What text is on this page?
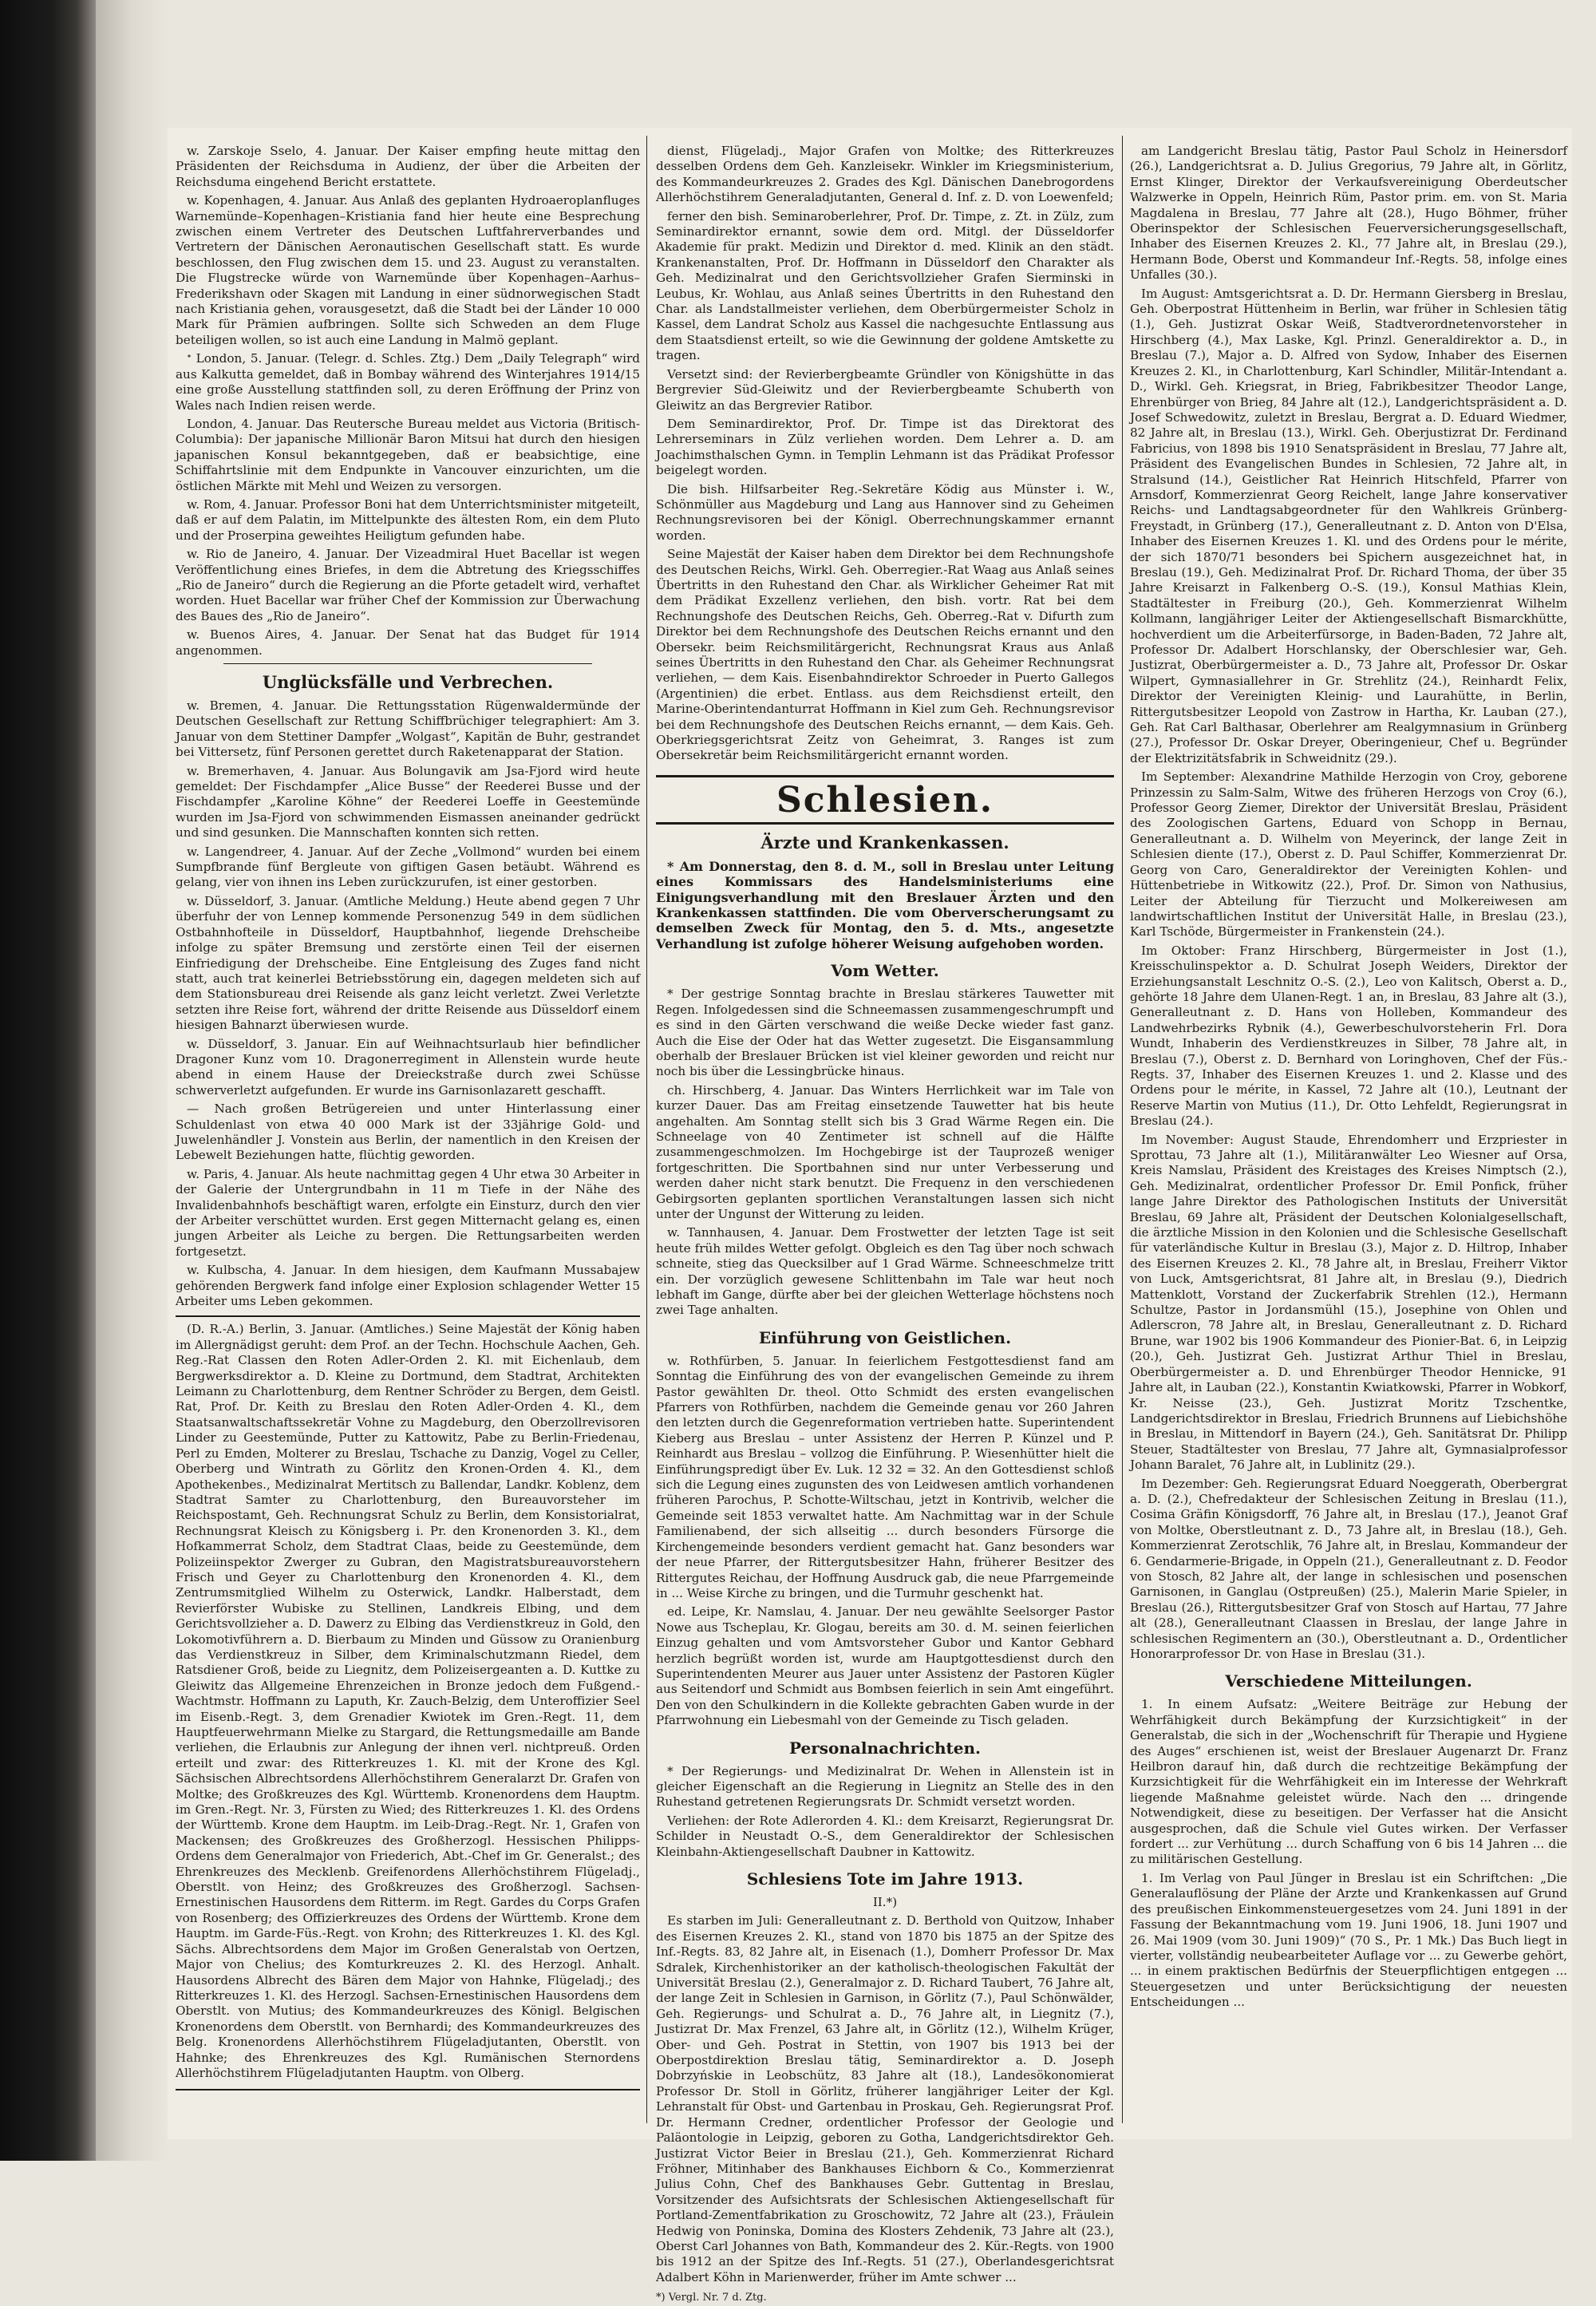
w. Zarskoje Sselo, 4. Januar. Der Kaiser empfing heute mittag den Präsidenten der Reichsduma in Audienz, der über die Arbeiten der Reichsduma eingehend Bericht erstattete.

w. Kopenhagen, 4. Januar. Aus Anlaß des geplanten Hydroaeroplanfluges Warnemünde–Kopenhagen–Kristiania fand hier heute eine Besprechung zwischen einem Vertreter des Deutschen Luftfahrerverbandes und Vertretern der Dänischen Aeronautischen Gesellschaft statt. Es wurde beschlossen, den Flug zwischen dem 15. und 23. August zu veranstalten. Die Flugstrecke würde von Warnemünde über Kopenhagen–Aarhus–Frederikshavn oder Skagen mit Landung in einer südnorwegischen Stadt nach Kristiania gehen, vorausgesetzt, daß die Stadt bei der Länder 10 000 Mark für Prämien aufbringen. Sollte sich Schweden an dem Fluge beteiligen wollen, so ist auch eine Landung in Malmö geplant.

ᐩ London, 5. Januar. (Telegr. d. Schles. Ztg.) Dem „Daily Telegraph“ wird aus Kalkutta gemeldet, daß in Bombay während des Winterjahres 1914/15 eine große Ausstellung stattfinden soll, zu deren Eröffnung der Prinz von Wales nach Indien reisen werde.

London, 4. Januar. Das Reutersche Bureau meldet aus Victoria (Britisch-Columbia): Der japanische Millionär Baron Mitsui hat durch den hiesigen japanischen Konsul bekanntgegeben, daß er beabsichtige, eine Schiffahrtslinie mit dem Endpunkte in Vancouver einzurichten, um die östlichen Märkte mit Mehl und Weizen zu versorgen.

w. Rom, 4. Januar. Professor Boni hat dem Unterrichtsminister mitgeteilt, daß er auf dem Palatin, im Mittelpunkte des ältesten Rom, ein dem Pluto und der Proserpina geweihtes Heiligtum gefunden habe.

w. Rio de Janeiro, 4. Januar. Der Vizeadmiral Huet Bacellar ist wegen Veröffentlichung eines Briefes, in dem die Abtretung des Kriegsschiffes „Rio de Janeiro“ durch die Regierung an die Pforte getadelt wird, verhaftet worden. Huet Bacellar war früher Chef der Kommission zur Überwachung des Baues des „Rio de Janeiro“.

w. Buenos Aires, 4. Januar. Der Senat hat das Budget für 1914 angenommen.

Unglücksfälle und Verbrechen.

w. Bremen, 4. Januar. Die Rettungsstation Rügenwaldermünde der Deutschen Gesellschaft zur Rettung Schiffbrüchiger telegraphiert: Am 3. Januar von dem Stettiner Dampfer „Wolgast“, Kapitän de Buhr, gestrandet bei Vittersetz, fünf Personen gerettet durch Raketenapparat der Station.

w. Bremerhaven, 4. Januar. Aus Bolungavik am Jsa-Fjord wird heute gemeldet: Der Fischdampfer „Alice Busse“ der Reederei Busse und der Fischdampfer „Karoline Köhne“ der Reederei Loeffe in Geestemünde wurden im Jsa-Fjord von schwimmenden Eismassen aneinander gedrückt und sind gesunken. Die Mannschaften konnten sich retten.

w. Langendreer, 4. Januar. Auf der Zeche „Vollmond“ wurden bei einem Sumpfbrande fünf Bergleute von giftigen Gasen betäubt. Während es gelang, vier von ihnen ins Leben zurückzurufen, ist einer gestorben.

w. Düsseldorf, 3. Januar. (Amtliche Meldung.) Heute abend gegen 7 Uhr überfuhr der von Lennep kommende Personenzug 549 in dem südlichen Ostbahnhofteile in Düsseldorf, Hauptbahnhof, liegende Drehscheibe infolge zu später Bremsung und zerstörte einen Teil der eisernen Einfriedigung der Drehscheibe. Eine Entgleisung des Zuges fand nicht statt, auch trat keinerlei Betriebsstörung ein, dagegen meldeten sich auf dem Stationsbureau drei Reisende als ganz leicht verletzt. Zwei Verletzte setzten ihre Reise fort, während der dritte Reisende aus Düsseldorf einem hiesigen Bahnarzt überwiesen wurde.

w. Düsseldorf, 3. Januar. Ein auf Weihnachtsurlaub hier befindlicher Dragoner Kunz vom 10. Dragonerregiment in Allenstein wurde heute abend in einem Hause der Dreieckstraße durch zwei Schüsse schwerverletzt aufgefunden. Er wurde ins Garnisonlazarett geschafft.

— Nach großen Betrügereien und unter Hinterlassung einer Schuldenlast von etwa 40 000 Mark ist der 33jährige Gold- und Juwelenhändler J. Vonstein aus Berlin, der namentlich in den Kreisen der Lebewelt Beziehungen hatte, flüchtig geworden.

w. Paris, 4. Januar. Als heute nachmittag gegen 4 Uhr etwa 30 Arbeiter in der Galerie der Untergrundbahn in 11 m Tiefe in der Nähe des Invalidenbahnhofs beschäftigt waren, erfolgte ein Einsturz, durch den vier der Arbeiter verschüttet wurden. Erst gegen Mitternacht gelang es, einen jungen Arbeiter als Leiche zu bergen. Die Rettungsarbeiten werden fortgesetzt.

w. Kulbscha, 4. Januar. In dem hiesigen, dem Kaufmann Mussabajew gehörenden Bergwerk fand infolge einer Explosion schlagender Wetter 15 Arbeiter ums Leben gekommen.

(D. R.-A.) Berlin, 3. Januar. (Amtliches.) Seine Majestät der König haben im Allergnädigst geruht: dem Prof. an der Techn. Hochschule Aachen, Geh. Reg.-Rat Classen den Roten Adler-Orden 2. Kl. mit Eichenlaub, dem Bergwerksdirektor a. D. Kleine zu Dortmund, dem Stadtrat, Architekten Leimann zu Charlottenburg, dem Rentner Schröder zu Bergen, dem Geistl. Rat, Prof. Dr. Keith zu Breslau den Roten Adler-Orden 4. Kl., dem Staatsanwaltschaftssekretär Vohne zu Magdeburg, den Oberzollrevisoren Linder zu Geestemünde, Putter zu Kattowitz, Pabe zu Berlin-Friedenau, Perl zu Emden, Molterer zu Breslau, Tschache zu Danzig, Vogel zu Celler, Oberberg und Wintrath zu Görlitz den Kronen-Orden 4. Kl., dem Apothekenbes., Medizinalrat Mertitsch zu Ballendar, Landkr. Koblenz, dem Stadtrat Samter zu Charlottenburg, den Bureauvorsteher im Reichspostamt, Geh. Rechnungsrat Schulz zu Berlin, dem Konsistorialrat, Rechnungsrat Kleisch zu Königsberg i. Pr. den Kronenorden 3. Kl., dem Hofkammerrat Scholz, dem Stadtrat Claas, beide zu Geestemünde, dem Polizeiinspektor Zwerger zu Gubran, den Magistratsbureauvorstehern Frisch und Geyer zu Charlottenburg den Kronenorden 4. Kl., dem Zentrumsmitglied Wilhelm zu Osterwick, Landkr. Halberstadt, dem Revierförster Wubiske zu Stellinen, Landkreis Elbing, und dem Gerichtsvollzieher a. D. Dawerz zu Elbing das Verdienstkreuz in Gold, den Lokomotivführern a. D. Bierbaum zu Minden und Güssow zu Oranienburg das Verdienstkreuz in Silber, dem Kriminalschutzmann Riedel, dem Ratsdiener Groß, beide zu Liegnitz, dem Polizeisergeanten a. D. Kuttke zu Gleiwitz das Allgemeine Ehrenzeichen in Bronze jedoch dem Fußgend.-Wachtmstr. Hoffmann zu Laputh, Kr. Zauch-Belzig, dem Unteroffizier Seel im Eisenb.-Regt. 3, dem Grenadier Kwiotek im Gren.-Regt. 11, dem Hauptfeuerwehrmann Mielke zu Stargard, die Rettungsmedaille am Bande verliehen, die Erlaubnis zur Anlegung der ihnen verl. nichtpreuß. Orden erteilt und zwar: des Ritterkreuzes 1. Kl. mit der Krone des Kgl. Sächsischen Albrechtsordens Allerhöchstihrem Generalarzt Dr. Grafen von Moltke; des Großkreuzes des Kgl. Württemb. Kronenordens dem Hauptm. im Gren.-Regt. Nr. 3, Fürsten zu Wied; des Ritterkreuzes 1. Kl. des Ordens der Württemb. Krone dem Hauptm. im Leib-Drag.-Regt. Nr. 1, Grafen von Mackensen; des Großkreuzes des Großherzogl. Hessischen Philipps-Ordens dem Generalmajor von Friederich, Abt.-Chef im Gr. Generalst.; des Ehrenkreuzes des Mecklenb. Greifenordens Allerhöchstihrem Flügeladj., Oberstlt. von Heinz; des Großkreuzes des Großherzogl. Sachsen-Ernestinischen Hausordens dem Ritterm. im Regt. Gardes du Corps Grafen von Rosenberg; des Offizierkreuzes des Ordens der Württemb. Krone dem Hauptm. im Garde-Füs.-Regt. von Krohn; des Ritterkreuzes 1. Kl. des Kgl. Sächs. Albrechtsordens dem Major im Großen Generalstab von Oertzen, Major von Chelius; des Komturkreuzes 2. Kl. des Herzogl. Anhalt. Hausordens Albrecht des Bären dem Major von Hahnke, Flügeladj.; des Ritterkreuzes 1. Kl. des Herzogl. Sachsen-Ernestinischen Hausordens dem Oberstlt. von Mutius; des Kommandeurkreuzes des Königl. Belgischen Kronenordens dem Oberstlt. von Bernhardi; des Kommandeurkreuzes des Belg. Kronenordens Allerhöchstihrem Flügeladjutanten, Oberstlt. von Hahnke; des Ehrenkreuzes des Kgl. Rumänischen Sternordens Allerhöchstihrem Flügeladjutanten Hauptm. von Olberg.

dienst, Flügeladj., Major Grafen von Moltke; des Ritterkreuzes desselben Ordens dem Geh. Kanzleisekr. Winkler im Kriegsministerium, des Kommandeurkreuzes 2. Grades des Kgl. Dänischen Danebrogordens Allerhöchstihrem Generaladjutanten, General d. Inf. z. D. von Loewenfeld;

ferner den bish. Seminaroberlehrer, Prof. Dr. Timpe, z. Zt. in Zülz, zum Seminardirektor ernannt, sowie dem ord. Mitgl. der Düsseldorfer Akademie für prakt. Medizin und Direktor d. med. Klinik an den städt. Krankenanstalten, Prof. Dr. Hoffmann in Düsseldorf den Charakter als Geh. Medizinalrat und den Gerichtsvollzieher Grafen Sierminski in Leubus, Kr. Wohlau, aus Anlaß seines Übertritts in den Ruhestand den Char. als Landstallmeister verliehen, dem Oberbürgermeister Scholz in Kassel, dem Landrat Scholz aus Kassel die nachgesuchte Entlassung aus dem Staatsdienst erteilt, so wie die Gewinnung der goldene Amtskette zu tragen.

Versetzt sind: der Revierbergbeamte Gründler von Königshütte in das Bergrevier Süd-Gleiwitz und der Revierbergbeamte Schuberth von Gleiwitz an das Bergrevier Ratibor.

Dem Seminardirektor, Prof. Dr. Timpe ist das Direktorat des Lehrerseminars in Zülz verliehen worden. Dem Lehrer a. D. am Joachimsthalschen Gymn. in Templin Lehmann ist das Prädikat Professor beigelegt worden.

Die bish. Hilfsarbeiter Reg.-Sekretäre Ködig aus Münster i. W., Schönmüller aus Magdeburg und Lang aus Hannover sind zu Geheimen Rechnungsrevisoren bei der Königl. Oberrechnungskammer ernannt worden.

Seine Majestät der Kaiser haben dem Direktor bei dem Rechnungshofe des Deutschen Reichs, Wirkl. Geh. Oberregier.-Rat Waag aus Anlaß seines Übertritts in den Ruhestand den Char. als Wirklicher Geheimer Rat mit dem Prädikat Exzellenz verliehen, den bish. vortr. Rat bei dem Rechnungshofe des Deutschen Reichs, Geh. Oberreg.-Rat v. Difurth zum Direktor bei dem Rechnungshofe des Deutschen Reichs ernannt und den Obersekr. beim Reichsmilitärgericht, Rechnungsrat Kraus aus Anlaß seines Übertritts in den Ruhestand den Char. als Geheimer Rechnungsrat verliehen, — dem Kais. Eisenbahndirektor Schroeder in Puerto Gallegos (Argentinien) die erbet. Entlass. aus dem Reichsdienst erteilt, den Marine-Oberintendanturrat Hoffmann in Kiel zum Geh. Rechnungsrevisor bei dem Rechnungshofe des Deutschen Reichs ernannt, — dem Kais. Geh. Oberkriegsgerichtsrat Zeitz von Geheimrat, 3. Ranges ist zum Obersekretär beim Reichsmilitärgericht ernannt worden.

Schlesien.
Ärzte und Krankenkassen.

* Am Donnerstag, den 8. d. M., soll in Breslau unter Leitung eines Kommissars des Handelsministeriums eine Einigungsverhandlung mit den Breslauer Ärzten und den Krankenkassen stattfinden. Die vom Oberverscherungsamt zu demselben Zweck für Montag, den 5. d. Mts., angesetzte Verhandlung ist zufolge höherer Weisung aufgehoben worden.

Vom Wetter.

* Der gestrige Sonntag brachte in Breslau stärkeres Tauwetter mit Regen. Infolgedessen sind die Schneemassen zusammengeschrumpft und es sind in den Gärten verschwand die weiße Decke wieder fast ganz. Auch die Eise der Oder hat das Wetter zugesetzt. Die Eisgansammlung oberhalb der Breslauer Brücken ist viel kleiner geworden und reicht nur noch bis über die Lessingbrücke hinaus.

ch. Hirschberg, 4. Januar. Das Winters Herrlichkeit war im Tale von kurzer Dauer. Das am Freitag einsetzende Tauwetter hat bis heute angehalten. Am Sonntag stellt sich bis 3 Grad Wärme Regen ein. Die Schneelage von 40 Zentimeter ist schnell auf die Hälfte zusammengeschmolzen. Im Hochgebirge ist der Tauprozeß weniger fortgeschritten. Die Sportbahnen sind nur unter Verbesserung und werden daher nicht stark benutzt. Die Frequenz in den verschiedenen Gebirgsorten geplanten sportlichen Veranstaltungen lassen sich nicht unter der Ungunst der Witterung zu leiden.

w. Tannhausen, 4. Januar. Dem Frostwetter der letzten Tage ist seit heute früh mildes Wetter gefolgt. Obgleich es den Tag über noch schwach schneite, stieg das Quecksilber auf 1 Grad Wärme. Schneeschmelze tritt ein. Der vorzüglich gewesene Schlittenbahn im Tale war heut noch lebhaft im Gange, dürfte aber bei der gleichen Wetterlage höchstens noch zwei Tage anhalten.

Einführung von Geistlichen.

w. Rothfürben, 5. Januar. In feierlichem Festgottesdienst fand am Sonntag die Einführung des von der evangelischen Gemeinde zu ihrem Pastor gewählten Dr. theol. Otto Schmidt des ersten evangelischen Pfarrers von Rothfürben, nachdem die Gemeinde genau vor 260 Jahren den letzten durch die Gegenreformation vertrieben hatte. Superintendent Kieberg aus Breslau – unter Assistenz der Herren P. Künzel und P. Reinhardt aus Breslau – vollzog die Einführung. P. Wiesenhütter hielt die Einführungspredigt über Ev. Luk. 12 32 = 32. An den Gottesdienst schloß sich die Legung eines zugunsten des von Leidwesen amtlich vorhandenen früheren Parochus, P. Schotte-Wiltschau, jetzt in Kontrivib, welcher die Gemeinde seit 1853 verwaltet hatte. Am Nachmittag war in der Schule Familienabend, der sich allseitig ... durch besonders Fürsorge die Kirchengemeinde besonders verdient gemacht hat. Ganz besonders war der neue Pfarrer, der Rittergutsbesitzer Hahn, früherer Besitzer des Rittergutes Reichau, der Hoffnung Ausdruck gab, die neue Pfarrgemeinde in ... Weise Kirche zu bringen, und die Turmuhr geschenkt hat.

ed. Leipe, Kr. Namslau, 4. Januar. Der neu gewählte Seelsorger Pastor Nowe aus Tscheplau, Kr. Glogau, bereits am 30. d. M. seinen feierlichen Einzug gehalten und vom Amtsvorsteher Gubor und Kantor Gebhard herzlich begrüßt worden ist, wurde am Hauptgottesdienst durch den Superintendenten Meurer aus Jauer unter Assistenz der Pastoren Kügler aus Seitendorf und Schmidt aus Bombsen feierlich in sein Amt eingeführt. Den von den Schulkindern in die Kollekte gebrachten Gaben wurde in der Pfarrwohnung ein Liebesmahl von der Gemeinde zu Tisch geladen.

Personalnachrichten.

* Der Regierungs- und Medizinalrat Dr. Wehen in Allenstein ist in gleicher Eigenschaft an die Regierung in Liegnitz an Stelle des in den Ruhestand getretenen Regierungsrats Dr. Schmidt versetzt worden.

Verliehen: der Rote Adlerorden 4. Kl.: dem Kreisarzt, Regierungsrat Dr. Schilder in Neustadt O.-S., dem Generaldirektor der Schlesischen Kleinbahn-Aktiengesellschaft Daubner in Kattowitz.

Schlesiens Tote im Jahre 1913.
II.*)

Es starben im Juli: Generalleutnant z. D. Berthold von Quitzow, Inhaber des Eisernen Kreuzes 2. Kl., stand von 1870 bis 1875 an der Spitze des Inf.-Regts. 83, 82 Jahre alt, in Eisenach (1.), Domherr Professor Dr. Max Sdralek, Kirchenhistoriker an der katholisch-theologischen Fakultät der Universität Breslau (2.), Generalmajor z. D. Richard Taubert, 76 Jahre alt, der lange Zeit in Schlesien in Garnison, in Görlitz (7.), Paul Schönwälder, Geh. Regierungs- und Schulrat a. D., 76 Jahre alt, in Liegnitz (7.), Justizrat Dr. Max Frenzel, 63 Jahre alt, in Görlitz (12.), Wilhelm Krüger, Ober- und Geh. Postrat in Stettin, von 1907 bis 1913 bei der Oberpostdirektion Breslau tätig, Seminardirektor a. D. Joseph Dobrzyńskie in Leobschütz, 83 Jahre alt (18.), Landesökonomierat Professor Dr. Stoll in Görlitz, früherer langjähriger Leiter der Kgl. Lehranstalt für Obst- und Gartenbau in Proskau, Geh. Regierungsrat Prof. Dr. Hermann Credner, ordentlicher Professor der Geologie und Paläontologie in Leipzig, geboren zu Gotha, Landgerichtsdirektor Geh. Justizrat Victor Beier in Breslau (21.), Geh. Kommerzienrat Richard Fröhner, Mitinhaber des Bankhauses Eichborn & Co., Kommerzienrat Julius Cohn, Chef des Bankhauses Gebr. Guttentag in Breslau, Vorsitzender des Aufsichtsrats der Schlesischen Aktiengesellschaft für Portland-Zementfabrikation zu Groschowitz, 72 Jahre alt (23.), Fräulein Hedwig von Poninska, Domina des Klosters Zehdenik, 73 Jahre alt (23.), Oberst Carl Johannes von Bath, Kommandeur des 2. Kür.-Regts. von 1900 bis 1912 an der Spitze des Inf.-Regts. 51 (27.), Oberlandesgerichtsrat Adalbert Köhn in Marienwerder, früher im Amte schwer ...

*) Vergl. Nr. 7 d. Ztg.

am Landgericht Breslau tätig, Pastor Paul Scholz in Heinersdorf (26.), Landgerichtsrat a. D. Julius Gregorius, 79 Jahre alt, in Görlitz, Ernst Klinger, Direktor der Verkaufsvereinigung Oberdeutscher Walzwerke in Oppeln, Heinrich Rüm, Pastor prim. em. von St. Maria Magdalena in Breslau, 77 Jahre alt (28.), Hugo Böhmer, früher Oberinspektor der Schlesischen Feuerversicherungsgesellschaft, Inhaber des Eisernen Kreuzes 2. Kl., 77 Jahre alt, in Breslau (29.), Hermann Bode, Oberst und Kommandeur Inf.-Regts. 58, infolge eines Unfalles (30.).

Im August: Amtsgerichtsrat a. D. Dr. Hermann Giersberg in Breslau, Geh. Oberpostrat Hüttenheim in Berlin, war früher in Schlesien tätig (1.), Geh. Justizrat Oskar Weiß, Stadtverordnetenvorsteher in Hirschberg (4.), Max Laske, Kgl. Prinzl. Generaldirektor a. D., in Breslau (7.), Major a. D. Alfred von Sydow, Inhaber des Eisernen Kreuzes 2. Kl., in Charlottenburg, Karl Schindler, Militär-Intendant a. D., Wirkl. Geh. Kriegsrat, in Brieg, Fabrikbesitzer Theodor Lange, Ehrenbürger von Brieg, 84 Jahre alt (12.), Landgerichtspräsident a. D. Josef Schwedowitz, zuletzt in Breslau, Bergrat a. D. Eduard Wiedmer, 82 Jahre alt, in Breslau (13.), Wirkl. Geh. Oberjustizrat Dr. Ferdinand Fabricius, von 1898 bis 1910 Senatspräsident in Breslau, 77 Jahre alt, Präsident des Evangelischen Bundes in Schlesien, 72 Jahre alt, in Stralsund (14.), Geistlicher Rat Heinrich Hitschfeld, Pfarrer von Arnsdorf, Kommerzienrat Georg Reichelt, lange Jahre konservativer Reichs- und Landtagsabgeordneter für den Wahlkreis Grünberg-Freystadt, in Grünberg (17.), Generalleutnant z. D. Anton von D'Elsa, Inhaber des Eisernen Kreuzes 1. Kl. und des Ordens pour le mérite, der sich 1870/71 besonders bei Spichern ausgezeichnet hat, in Breslau (19.), Geh. Medizinalrat Prof. Dr. Richard Thoma, der über 35 Jahre Kreisarzt in Falkenberg O.-S. (19.), Konsul Mathias Klein, Stadtältester in Freiburg (20.), Geh. Kommerzienrat Wilhelm Kollmann, langjähriger Leiter der Aktiengesellschaft Bismarckhütte, hochverdient um die Arbeiterfürsorge, in Baden-Baden, 72 Jahre alt, Professor Dr. Adalbert Horschlansky, der Oberschlesier war, Geh. Justizrat, Oberbürgermeister a. D., 73 Jahre alt, Professor Dr. Oskar Wilpert, Gymnasiallehrer in Gr. Strehlitz (24.), Reinhardt Felix, Direktor der Vereinigten Kleinig- und Laurahütte, in Berlin, Rittergutsbesitzer Leopold von Zastrow in Hartha, Kr. Lauban (27.), Geh. Rat Carl Balthasar, Oberlehrer am Realgymnasium in Grünberg (27.), Professor Dr. Oskar Dreyer, Oberingenieur, Chef u. Begründer der Elektrizitätsfabrik in Schweidnitz (29.).

Im September: Alexandrine Mathilde Herzogin von Croy, geborene Prinzessin zu Salm-Salm, Witwe des früheren Herzogs von Croy (6.), Professor Georg Ziemer, Direktor der Universität Breslau, Präsident des Zoologischen Gartens, Eduard von Schopp in Bernau, Generalleutnant a. D. Wilhelm von Meyerinck, der lange Zeit in Schlesien diente (17.), Oberst z. D. Paul Schiffer, Kommerzienrat Dr. Georg von Caro, Generaldirektor der Vereinigten Kohlen- und Hüttenbetriebe in Witkowitz (22.), Prof. Dr. Simon von Nathusius, Leiter der Abteilung für Tierzucht und Molkereiwesen am landwirtschaftlichen Institut der Universität Halle, in Breslau (23.), Karl Tschöde, Bürgermeister in Frankenstein (24.).

Im Oktober: Franz Hirschberg, Bürgermeister in Jost (1.), Kreisschulinspektor a. D. Schulrat Joseph Weiders, Direktor der Erziehungsanstalt Leschnitz O.-S. (2.), Leo von Kalitsch, Oberst a. D., gehörte 18 Jahre dem Ulanen-Regt. 1 an, in Breslau, 83 Jahre alt (3.), Generalleutnant z. D. Hans von Holleben, Kommandeur des Landwehrbezirks Rybnik (4.), Gewerbeschulvorsteherin Frl. Dora Wundt, Inhaberin des Verdienstkreuzes in Silber, 78 Jahre alt, in Breslau (7.), Oberst z. D. Bernhard von Loringhoven, Chef der Füs.-Regts. 37, Inhaber des Eisernen Kreuzes 1. und 2. Klasse und des Ordens pour le mérite, in Kassel, 72 Jahre alt (10.), Leutnant der Reserve Martin von Mutius (11.), Dr. Otto Lehfeldt, Regierungsrat in Breslau (24.).

Im November: August Staude, Ehrendomherr und Erzpriester in Sprottau, 73 Jahre alt (1.), Militäranwälter Leo Wiesner auf Orsa, Kreis Namslau, Präsident des Kreistages des Kreises Nimptsch (2.), Geh. Medizinalrat, ordentlicher Professor Dr. Emil Ponfick, früher lange Jahre Direktor des Pathologischen Instituts der Universität Breslau, 69 Jahre alt, Präsident der Deutschen Kolonialgesellschaft, die ärztliche Mission in den Kolonien und die Schlesische Gesellschaft für vaterländische Kultur in Breslau (3.), Major z. D. Hiltrop, Inhaber des Eisernen Kreuzes 2. Kl., 78 Jahre alt, in Breslau, Freiherr Viktor von Luck, Amtsgerichtsrat, 81 Jahre alt, in Breslau (9.), Diedrich Mattenklott, Vorstand der Zuckerfabrik Strehlen (12.), Hermann Schultze, Pastor in Jordansmühl (15.), Josephine von Ohlen und Adlerscron, 78 Jahre alt, in Breslau, Generalleutnant z. D. Richard Brune, war 1902 bis 1906 Kommandeur des Pionier-Bat. 6, in Leipzig (20.), Geh. Justizrat Geh. Justizrat Arthur Thiel in Breslau, Oberbürgermeister a. D. und Ehrenbürger Theodor Hennicke, 91 Jahre alt, in Lauban (22.), Konstantin Kwiatkowski, Pfarrer in Wobkorf, Kr. Neisse (23.), Geh. Justizrat Moritz Tzschentke, Landgerichtsdirektor in Breslau, Friedrich Brunnens auf Liebichshöhe in Breslau, in Mittendorf in Bayern (24.), Geh. Sanitätsrat Dr. Philipp Steuer, Stadtältester von Breslau, 77 Jahre alt, Gymnasialprofessor Johann Baralet, 76 Jahre alt, in Lublinitz (29.).

Im Dezember: Geh. Regierungsrat Eduard Noeggerath, Oberbergrat a. D. (2.), Chefredakteur der Schlesischen Zeitung in Breslau (11.), Cosima Gräfin Königsdorff, 76 Jahre alt, in Breslau (17.), Jeanot Graf von Moltke, Oberstleutnant z. D., 73 Jahre alt, in Breslau (18.), Geh. Kommerzienrat Zerotschlik, 76 Jahre alt, in Breslau, Kommandeur der 6. Gendarmerie-Brigade, in Oppeln (21.), Generalleutnant z. D. Feodor von Stosch, 82 Jahre alt, der lange in schlesischen und posenschen Garnisonen, in Ganglau (Ostpreußen) (25.), Malerin Marie Spieler, in Breslau (26.), Rittergutsbesitzer Graf von Stosch auf Hartau, 77 Jahre alt (28.), Generalleutnant Claassen in Breslau, der lange Jahre in schlesischen Regimentern an (30.), Oberstleutnant a. D., Ordentlicher Honorarprofessor Dr. von Hase in Breslau (31.).

Verschiedene Mitteilungen.

1. In einem Aufsatz: „Weitere Beiträge zur Hebung der Wehrfähigkeit durch Bekämpfung der Kurzsichtigkeit“ in der Generalstab, die sich in der „Wochenschrift für Therapie und Hygiene des Auges“ erschienen ist, weist der Breslauer Augenarzt Dr. Franz Heilbron darauf hin, daß durch die rechtzeitige Bekämpfung der Kurzsichtigkeit für die Wehrfähigkeit ein im Interesse der Wehrkraft liegende Maßnahme geleistet würde. Nach den ... dringende Notwendigkeit, diese zu beseitigen. Der Verfasser hat die Ansicht ausgesprochen, daß die Schule viel Gutes wirken. Der Verfasser fordert ... zur Verhütung ... durch Schaffung von 6 bis 14 Jahren ... die zu militärischen Gestellung.

1. Im Verlag von Paul Jünger in Breslau ist ein Schriftchen: „Die Generalauflösung der Pläne der Arzte und Krankenkassen auf Grund des preußischen Einkommensteuergesetzes vom 24. Juni 1891 in der Fassung der Bekanntmachung vom 19. Juni 1906, 18. Juni 1907 und 26. Mai 1909 (vom 30. Juni 1909)“ (70 S., Pr. 1 Mk.) Das Buch liegt in vierter, vollständig neubearbeiteter Auflage vor ... zu Gewerbe gehört, ... in einem praktischen Bedürfnis der Steuerpflichtigen entgegen ... Steuergesetzen und unter Berücksichtigung der neuesten Entscheidungen ...
